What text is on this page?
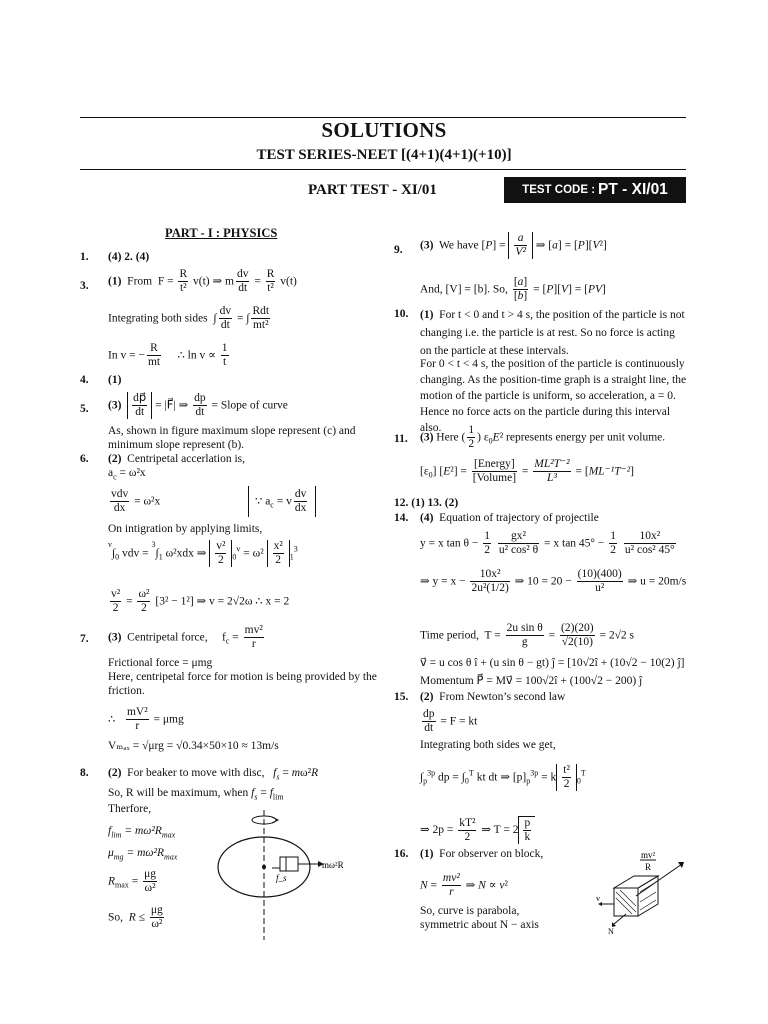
SOLUTIONS
TEST SERIES-NEET [(4+1)(4+1)(+10)]
PART TEST - XI/01	TEST CODE : PT - XI/01
PART - I : PHYSICS
1. (4) 2. (4)
3. (1) From  $F = \frac{R}{\text{t²}} v(t)$ ⇒ m $\frac{dv}{dt} = \frac{R}{\text{t²}} v(t)$
Integrating both sides  ∫ $\frac{dv}{dt}$ = ∫ $\frac{\text{Rdt}}{\text{mt²}}$
In v = − $\frac{R}{mt}$ ∴ $\ln v \propto \frac{1}{t}$
4. (1)
5. $(3) \frac{dp⃗}{dt}$ = |F⃗| ⇒ $\frac{dp}{dt}$ = Slope of curve
As, shown in figure maximum slope represent (c) and minimum slope represent (b).
6. (2) Centripetal accerlation is,
$a_c = \omega^2x$
$\frac{\text{vdv}}{dx} = \omega^2x$	∵ $a_c = v \frac{dv}{dx}$
On intigration by applying limits,
$^v\int_0$ vdv = $^3\int_1$ ω²xdx ⇒ $\frac{\text{v²}}{2} _0^v = \omega^2 \frac{\text{x²}}{2} _1^3$
$\frac{\text{v²}}{2} = \frac{\text{ω²}}{2} [3^2 - 1^2]$ ⇒ v = 2√2ω ∴ x = 2
7. (3) Centripetal force,     $f_c = \frac{\text{mv²}}{r}$
Frictional force = μmg
Here, centripetal force for motion is being provided by the friction.
∴ $\frac{\text{mV²}}{r} = \mu mg$
Vₘₐₓ = √μrg = √0.34×50×10 ≈ 13m/s
8. (2) For beaker to move with disc, $f_s = m\omega^2R$
So, R will be maximum, when $f_s = f_{lim}$
Therfore,
$f_{lim} = m\omega^2R_{max}$
$\mu_{mg} = m\omega^2R_{max}$
$R_{max} = \frac{\mu g}{\text{ω²}}$
So, $R \le \frac{\mu g}{\text{ω²}}$
mω²R
f_s
9. (3) We have $[P] = \frac{a}{\text{V²}}$ ⇒ [a] = [P][V²]
And, [V] = [b]. So, $\frac{[a]}{[b]} = [P][V] = [PV]$
10. (1) For t < 0 and t > 4 s, the position of the particle is not changing i.e. the particle is at rest. So no force is acting on the particle at these intervals.
For 0 < t < 4 s, the position of the particle is continuously changing. As the position-time graph is a straight line, the motion of the particle is uniform, so acceleration, a = 0. Hence no force acts on the particle during this interval also.
11. (3) Here ( $\frac{1}{2}$ ) $\varepsilon_0E^2$ represents energy per unit volume.
$[\varepsilon_0] [E^2] = \frac{\text{[Energy]}}{\text{[Volume]}} = \frac{\text{ML²T⁻²}}{\text{L³}} = [ML^{-1}T^{-2}]$
12. (1) 13. (2)
14. (4) Equation of trajectory of projectile
y = x $\tan \theta - \frac{1}{2}$
$\frac{\text{gx²}}{\text{u² cos² θ}} = x$ $\tan 45^\circ - \frac{1}{2}$
$\frac{\text{10x²}}{\text{u² cos² 45°}}$
⇒ $y = x - \frac{\text{10x²}}{\text{2u²(1/2)}}$ ⇒ $10 = 20 - \frac{(10)(400)}{\text{u²}}$ ⇒ u = 20m/s
Time period,  $T = \frac{\text{2u sin θ}}{g} = \frac{(2)(20)}{√2(10)} = 2√2$ s
v⃗ = u cos θ î + (u sin θ − gt) ĵ = [10√2î + (10√2 − 10(2) ĵ]
Momentum P⃗ = Mv⃗ = 100√2î + (100√2 − 200) ĵ
15. (2) From Newton’s second law
$\frac{dp}{dt} = F$ = kt
Integrating both sides we get,
$\int_p^{3p}$ dp = $\int_0^T$ kt dt ⇒ $[p]_p^{3p} = k \frac{\text{t²}}{2} _0^T$
⇒ $2p = \frac{\text{kT²}}{2}$ ⇒ $T = 2 \frac{p}{k}$
16. (1) For observer on block,
$N = \frac{\text{mv²}}{r}$ ⇒ N ∝ v²
So, curve is parabola,
symmetric about N − axis
mv²
R
v
N
